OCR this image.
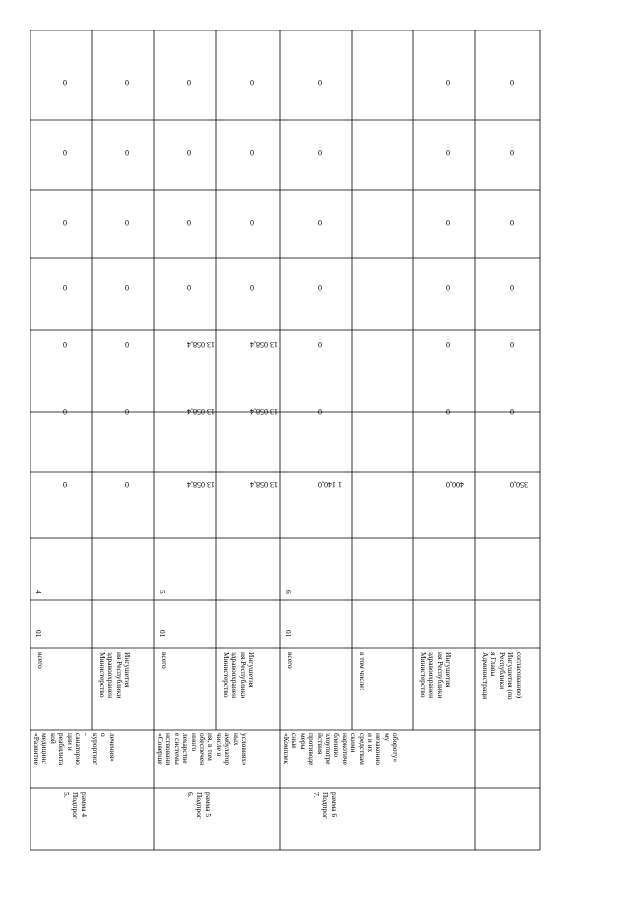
0
0
0
0
0
0
0
4
01
всего
0
0
0
0
0
0
0
Министерство здравоохранен ия Республики Ингушетия
13 058,4
13 058,4
13 058,4
0
0
0
0
5
01
всего
13 058,4
13 058,4
13 058,4
0
0
0
0
Министерство здравоохранен ия Республики Ингушетия
1 140,0
0
0
0
0
0
0
6
01
всего	в том числе:
400,0
0
0
0
0
0
0
Министерство здравоохранен ия Республики Ингушетия
350,0
0
0
0
0
0
0
Администраци я Главы Республики Ингушетия (по согласованию)
«Развитие медицинс кой реабилита ции и санаторно - курортног о лечения»
5. Подпрог рамма 4
«Соверше нствовани е системы лекарстве нного обеспечен ия, в том числе в амбулатор ных условиях»
6. Подпрог рамма 5
«Комплек сные меры противоде йствия злоупотре блению наркотиче скими средствам и и их незаконно му обороту»
7. Подпрог рамма 6
